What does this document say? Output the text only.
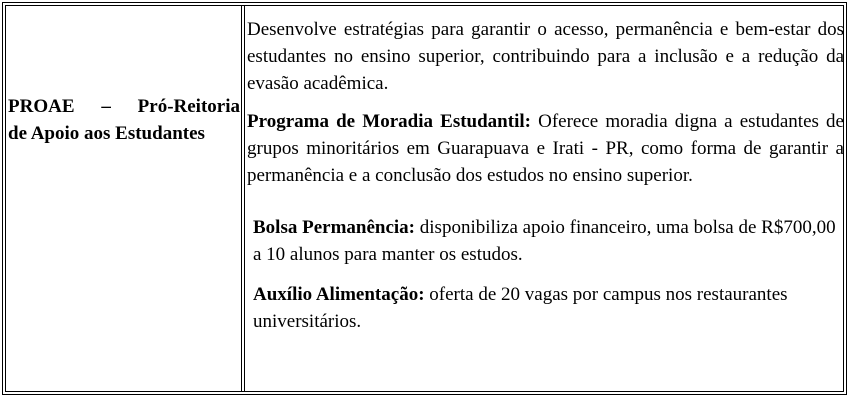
PROAE – Pró-Reitoria
de Apoio aos Estudantes

Desenvolve estratégias para garantir o acesso, permanência e bem-estar dos estudantes no ensino superior, contribuindo para a inclusão e a redução da evasão acadêmica.

Programa de Moradia Estudantil: Oferece moradia digna a estudantes de grupos minoritários em Guarapuava e Irati - PR, como forma de garantir a permanência e a conclusão dos estudos no ensino superior.

Bolsa Permanência: disponibiliza apoio financeiro, uma bolsa de R$700,00 a 10 alunos para manter os estudos.

Auxílio Alimentação: oferta de 20 vagas por campus nos restaurantes universitários.
